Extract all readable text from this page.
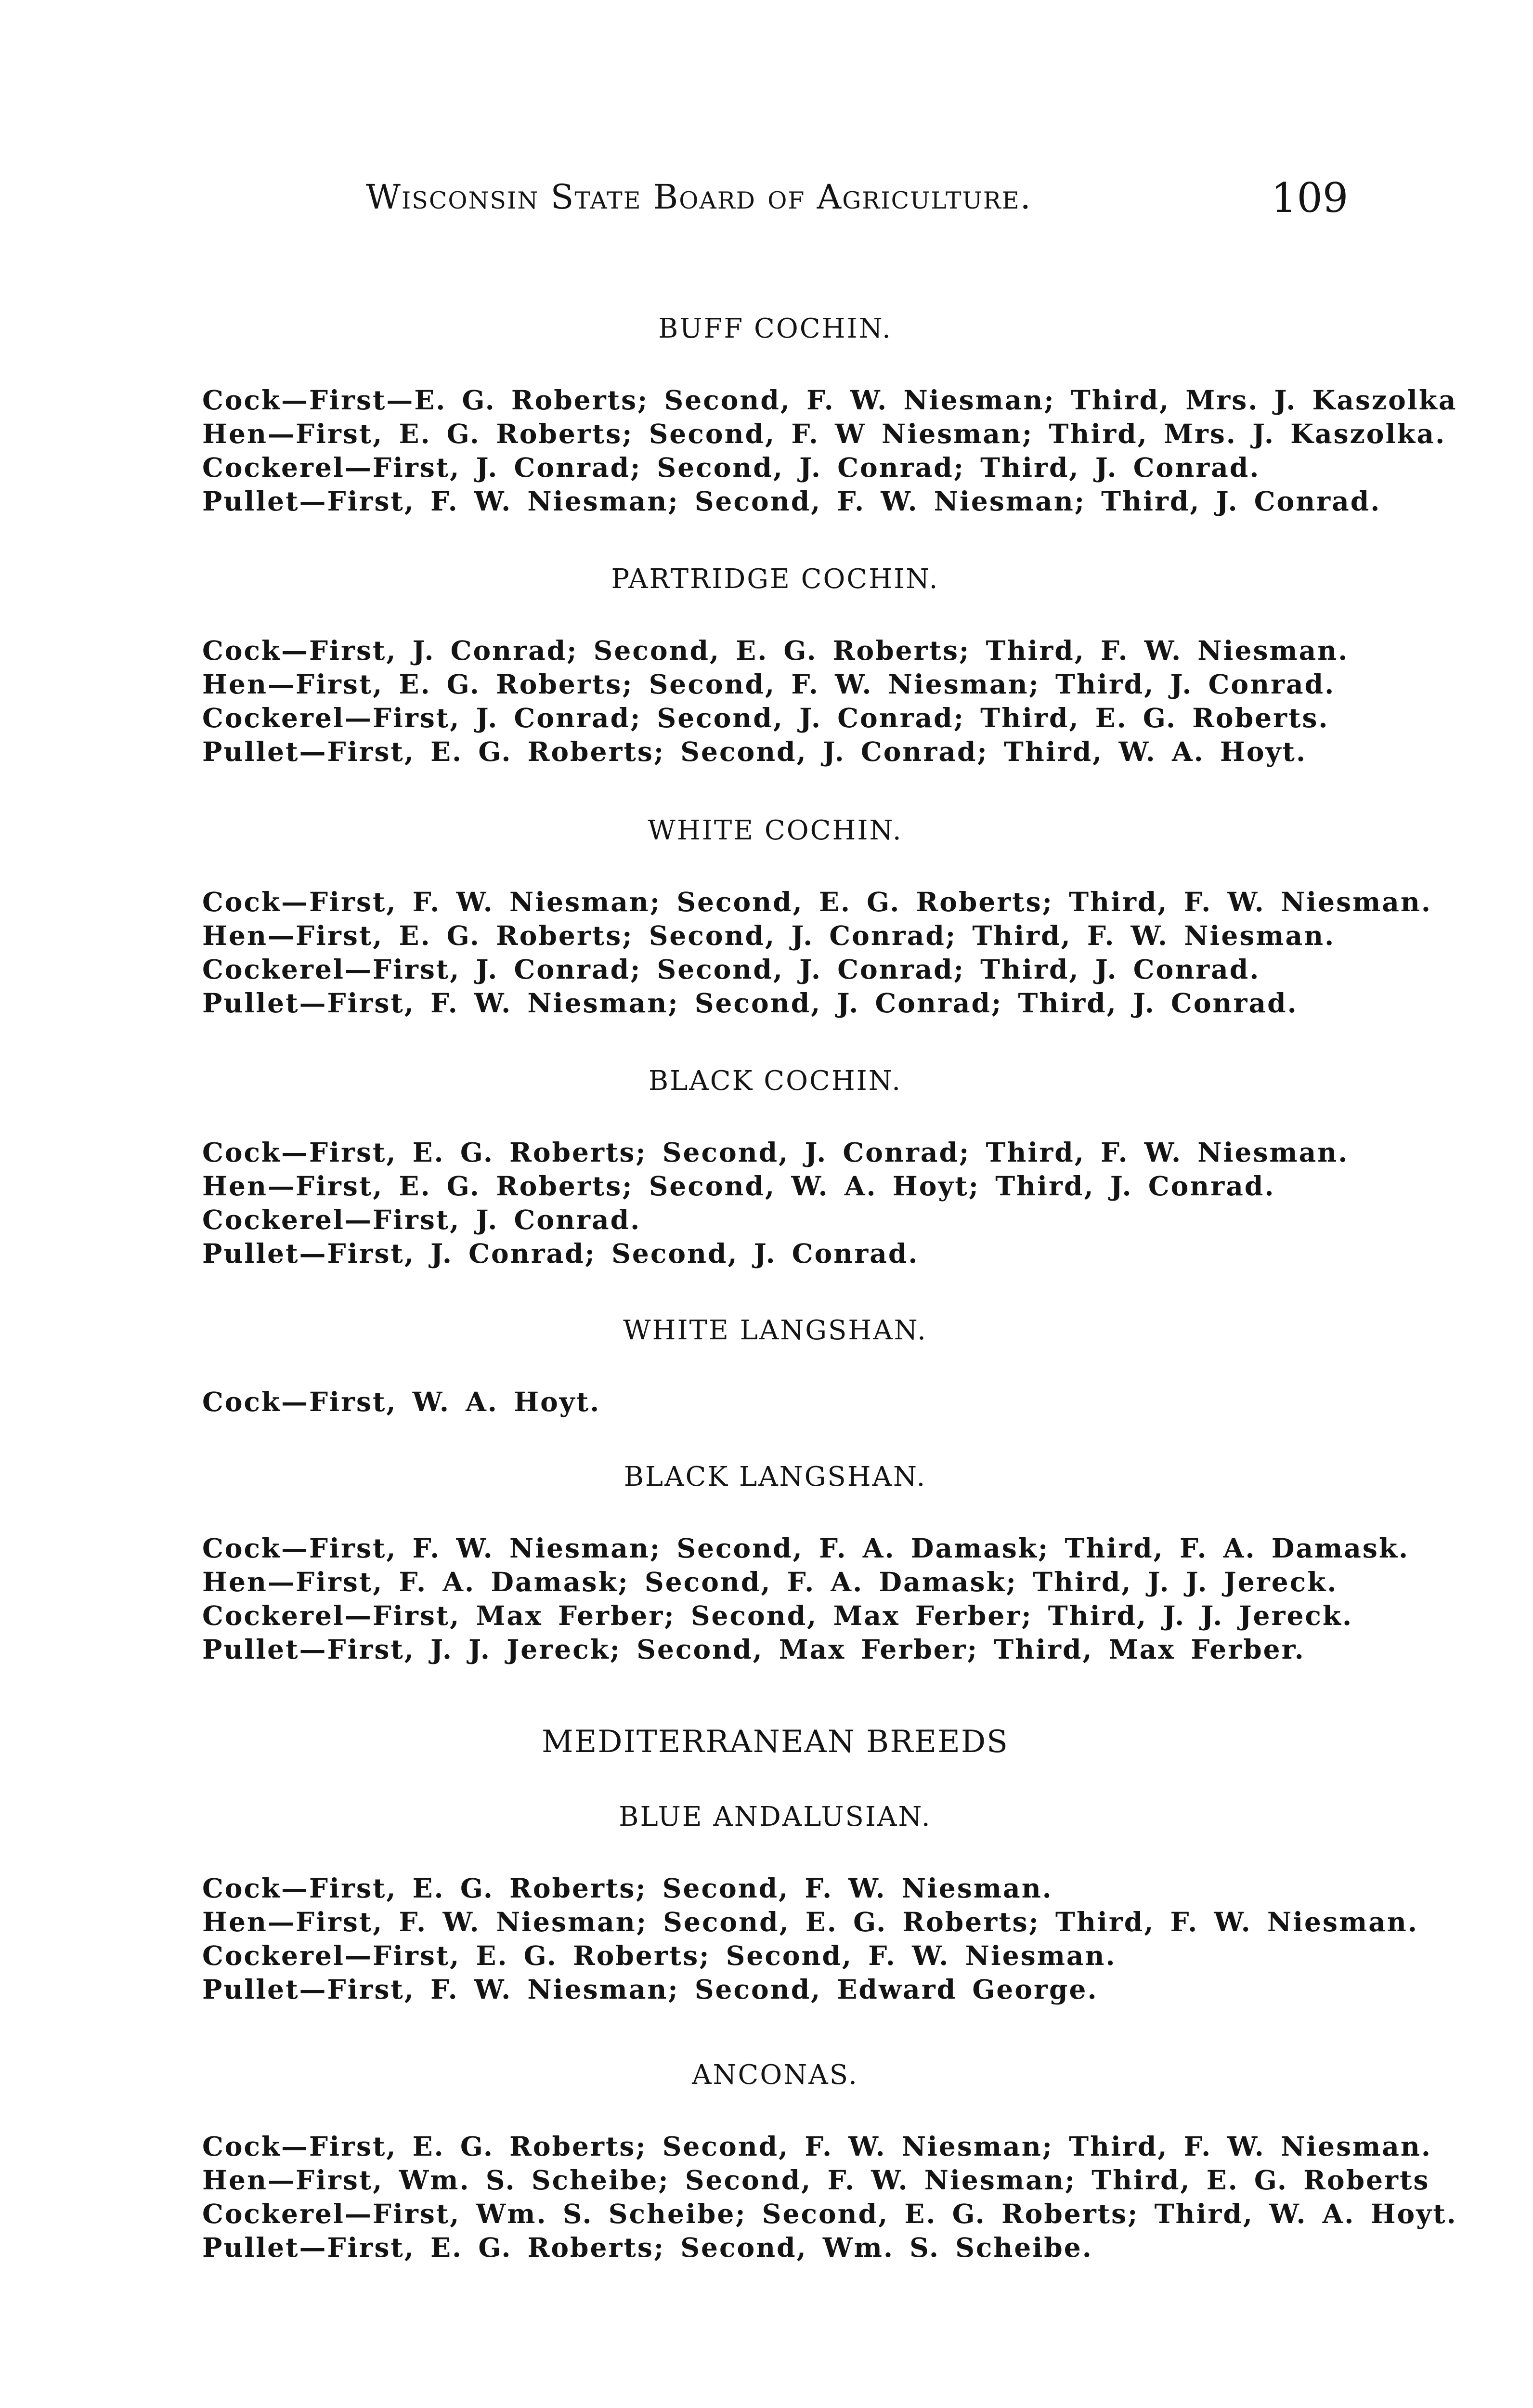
Wisconsin State Board of Agriculture.	109
BUFF COCHIN.
Cock—First—E. G. Roberts; Second, F. W. Niesman; Third, Mrs. J. Kaszolka
Hen—First, E. G. Roberts; Second, F. W Niesman; Third, Mrs. J. Kaszolka.
Cockerel—First, J. Conrad; Second, J. Conrad; Third, J. Conrad.
Pullet—First, F. W. Niesman; Second, F. W. Niesman; Third, J. Conrad.
PARTRIDGE COCHIN.
Cock—First, J. Conrad; Second, E. G. Roberts; Third, F. W. Niesman.
Hen—First, E. G. Roberts; Second, F. W. Niesman; Third, J. Conrad.
Cockerel—First, J. Conrad; Second, J. Conrad; Third, E. G. Roberts.
Pullet—First, E. G. Roberts; Second, J. Conrad; Third, W. A. Hoyt.
WHITE COCHIN.
Cock—First, F. W. Niesman; Second, E. G. Roberts; Third, F. W. Niesman.
Hen—First, E. G. Roberts; Second, J. Conrad; Third, F. W. Niesman.
Cockerel—First, J. Conrad; Second, J. Conrad; Third, J. Conrad.
Pullet—First, F. W. Niesman; Second, J. Conrad; Third, J. Conrad.
BLACK COCHIN.
Cock—First, E. G. Roberts; Second, J. Conrad; Third, F. W. Niesman.
Hen—First, E. G. Roberts; Second, W. A. Hoyt; Third, J. Conrad.
Cockerel—First, J. Conrad.
Pullet—First, J. Conrad; Second, J. Conrad.
WHITE LANGSHAN.
Cock—First, W. A. Hoyt.
BLACK LANGSHAN.
Cock—First, F. W. Niesman; Second, F. A. Damask; Third, F. A. Damask.
Hen—First, F. A. Damask; Second, F. A. Damask; Third, J. J. Jereck.
Cockerel—First, Max Ferber; Second, Max Ferber; Third, J. J. Jereck.
Pullet—First, J. J. Jereck; Second, Max Ferber; Third, Max Ferber.
MEDITERRANEAN BREEDS
BLUE ANDALUSIAN.
Cock—First, E. G. Roberts; Second, F. W. Niesman.
Hen—First, F. W. Niesman; Second, E. G. Roberts; Third, F. W. Niesman.
Cockerel—First, E. G. Roberts; Second, F. W. Niesman.
Pullet—First, F. W. Niesman; Second, Edward George.
ANCONAS.
Cock—First, E. G. Roberts; Second, F. W. Niesman; Third, F. W. Niesman.
Hen—First, Wm. S. Scheibe; Second, F. W. Niesman; Third, E. G. Roberts
Cockerel—First, Wm. S. Scheibe; Second, E. G. Roberts; Third, W. A. Hoyt.
Pullet—First, E. G. Roberts; Second, Wm. S. Scheibe.
